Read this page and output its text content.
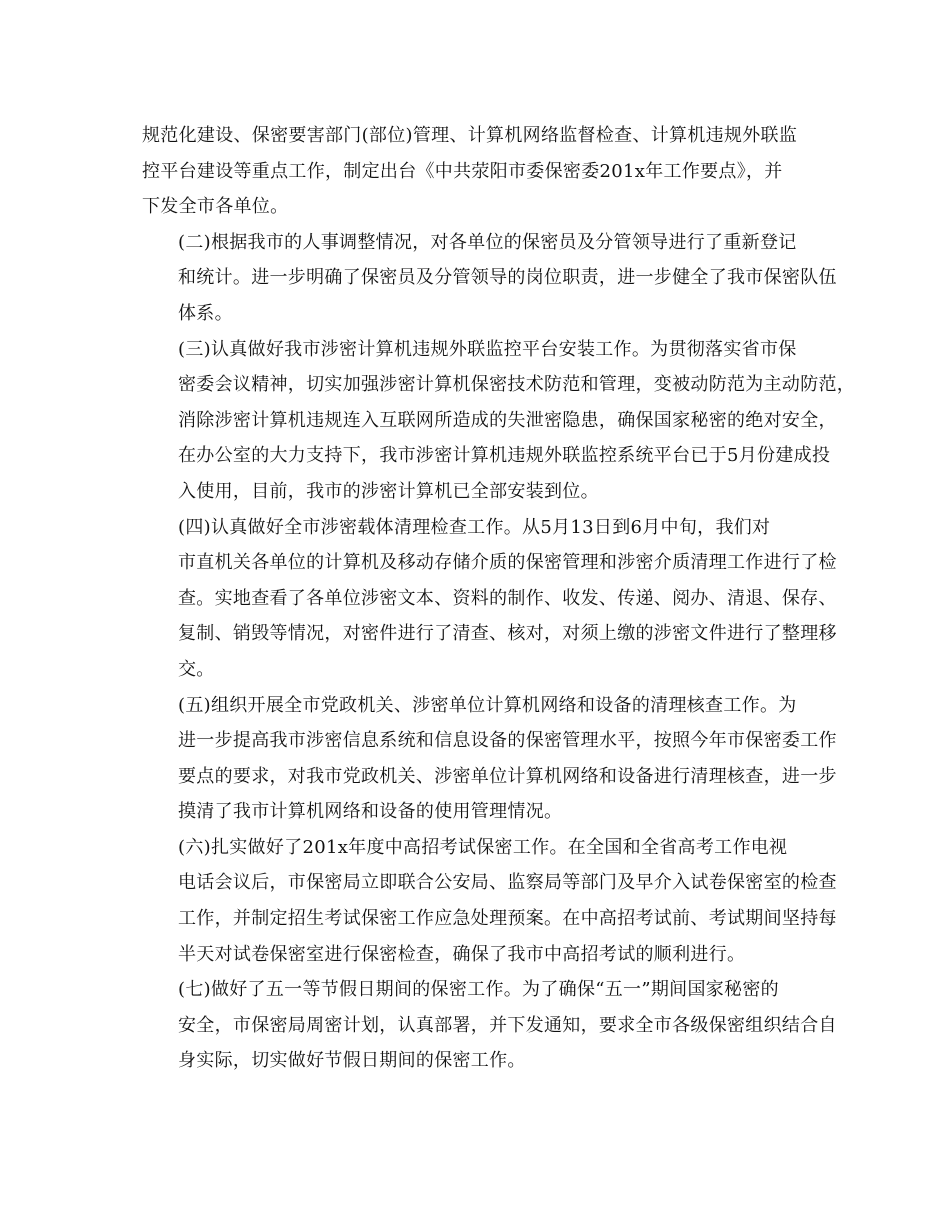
规范化建设、保密要害部门(部位)管理、计算机网络监督检查、计算机违规外联监
控平台建设等重点工作，制定出台《中共荥阳市委保密委201x年工作要点》，并
下发全市各单位。

(二)根据我市的人事调整情况，对各单位的保密员及分管领导进行了重新登记
和统计。进一步明确了保密员及分管领导的岗位职责，进一步健全了我市保密队伍
体系。

(三)认真做好我市涉密计算机违规外联监控平台安装工作。为贯彻落实省市保
密委会议精神，切实加强涉密计算机保密技术防范和管理，变被动防范为主动防范，
消除涉密计算机违规连入互联网所造成的失泄密隐患，确保国家秘密的绝对安全，
在办公室的大力支持下，我市涉密计算机违规外联监控系统平台已于5月份建成投
入使用，目前，我市的涉密计算机已全部安装到位。

(四)认真做好全市涉密载体清理检查工作。从5月13日到6月中旬，我们对
市直机关各单位的计算机及移动存储介质的保密管理和涉密介质清理工作进行了检
查。实地查看了各单位涉密文本、资料的制作、收发、传递、阅办、清退、保存、
复制、销毁等情况，对密件进行了清查、核对，对须上缴的涉密文件进行了整理移
交。

(五)组织开展全市党政机关、涉密单位计算机网络和设备的清理核查工作。为
进一步提高我市涉密信息系统和信息设备的保密管理水平，按照今年市保密委工作
要点的要求，对我市党政机关、涉密单位计算机网络和设备进行清理核查，进一步
摸清了我市计算机网络和设备的使用管理情况。

(六)扎实做好了201x年度中高招考试保密工作。在全国和全省高考工作电视
电话会议后，市保密局立即联合公安局、监察局等部门及早介入试卷保密室的检查
工作，并制定招生考试保密工作应急处理预案。在中高招考试前、考试期间坚持每
半天对试卷保密室进行保密检查，确保了我市中高招考试的顺利进行。

(七)做好了五一等节假日期间的保密工作。为了确保“五一”期间国家秘密的
安全，市保密局周密计划，认真部署，并下发通知，要求全市各级保密组织结合自
身实际，切实做好节假日期间的保密工作。
